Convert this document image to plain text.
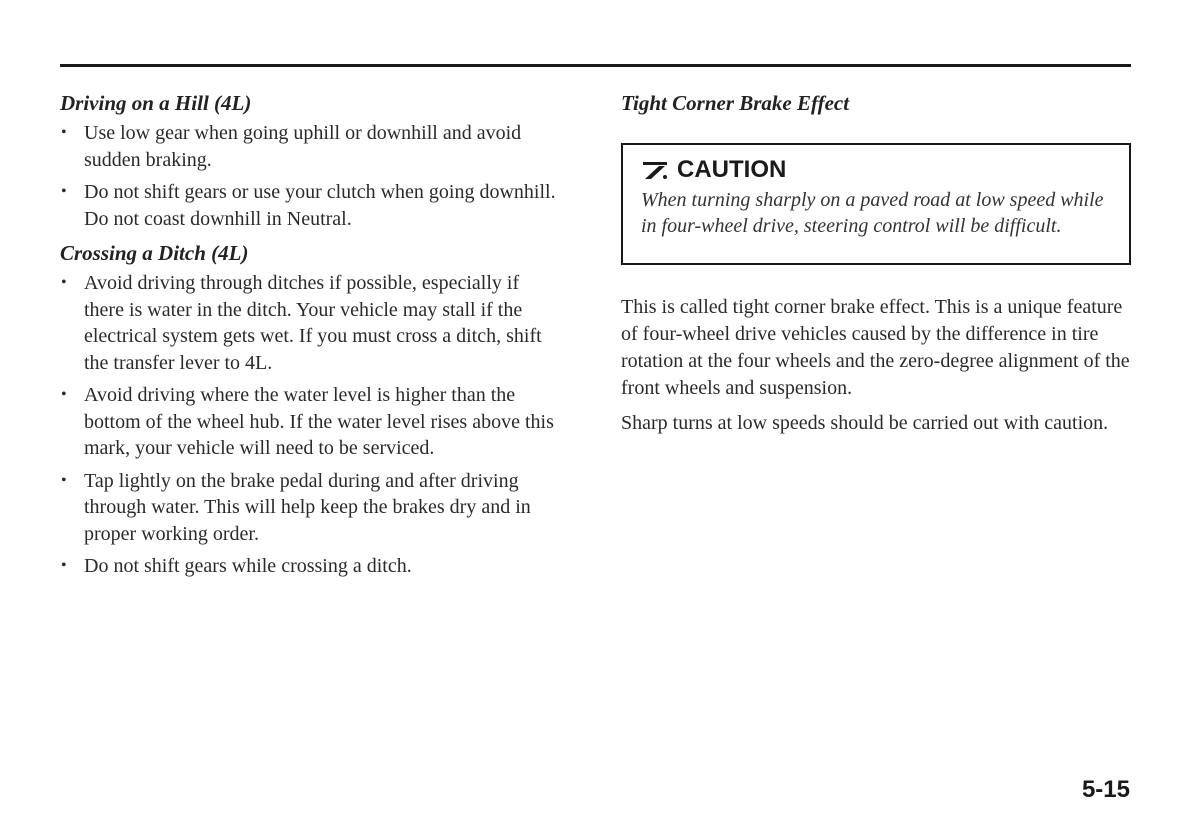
Driving on a Hill (4L)
• Use low gear when going uphill or downhill and avoid sudden braking.
• Do not shift gears or use your clutch when going downhill. Do not coast downhill in Neutral.
Crossing a Ditch (4L)
• Avoid driving through ditches if possible, especially if there is water in the ditch. Your vehicle may stall if the electrical system gets wet. If you must cross a ditch, shift the transfer lever to 4L.
• Avoid driving where the water level is higher than the bottom of the wheel hub. If the water level rises above this mark, your vehicle will need to be serviced.
• Tap lightly on the brake pedal during and after driving through water. This will help keep the brakes dry and in proper working order.
• Do not shift gears while crossing a ditch.
Tight Corner Brake Effect
CAUTION
When turning sharply on a paved road at low speed while in four-wheel drive, steering control will be difficult.

This is called tight corner brake effect. This is a unique feature of four-wheel drive vehicles caused by the difference in tire rotation at the four wheels and the zero-degree alignment of the front wheels and suspension.

Sharp turns at low speeds should be carried out with caution.

5-15
